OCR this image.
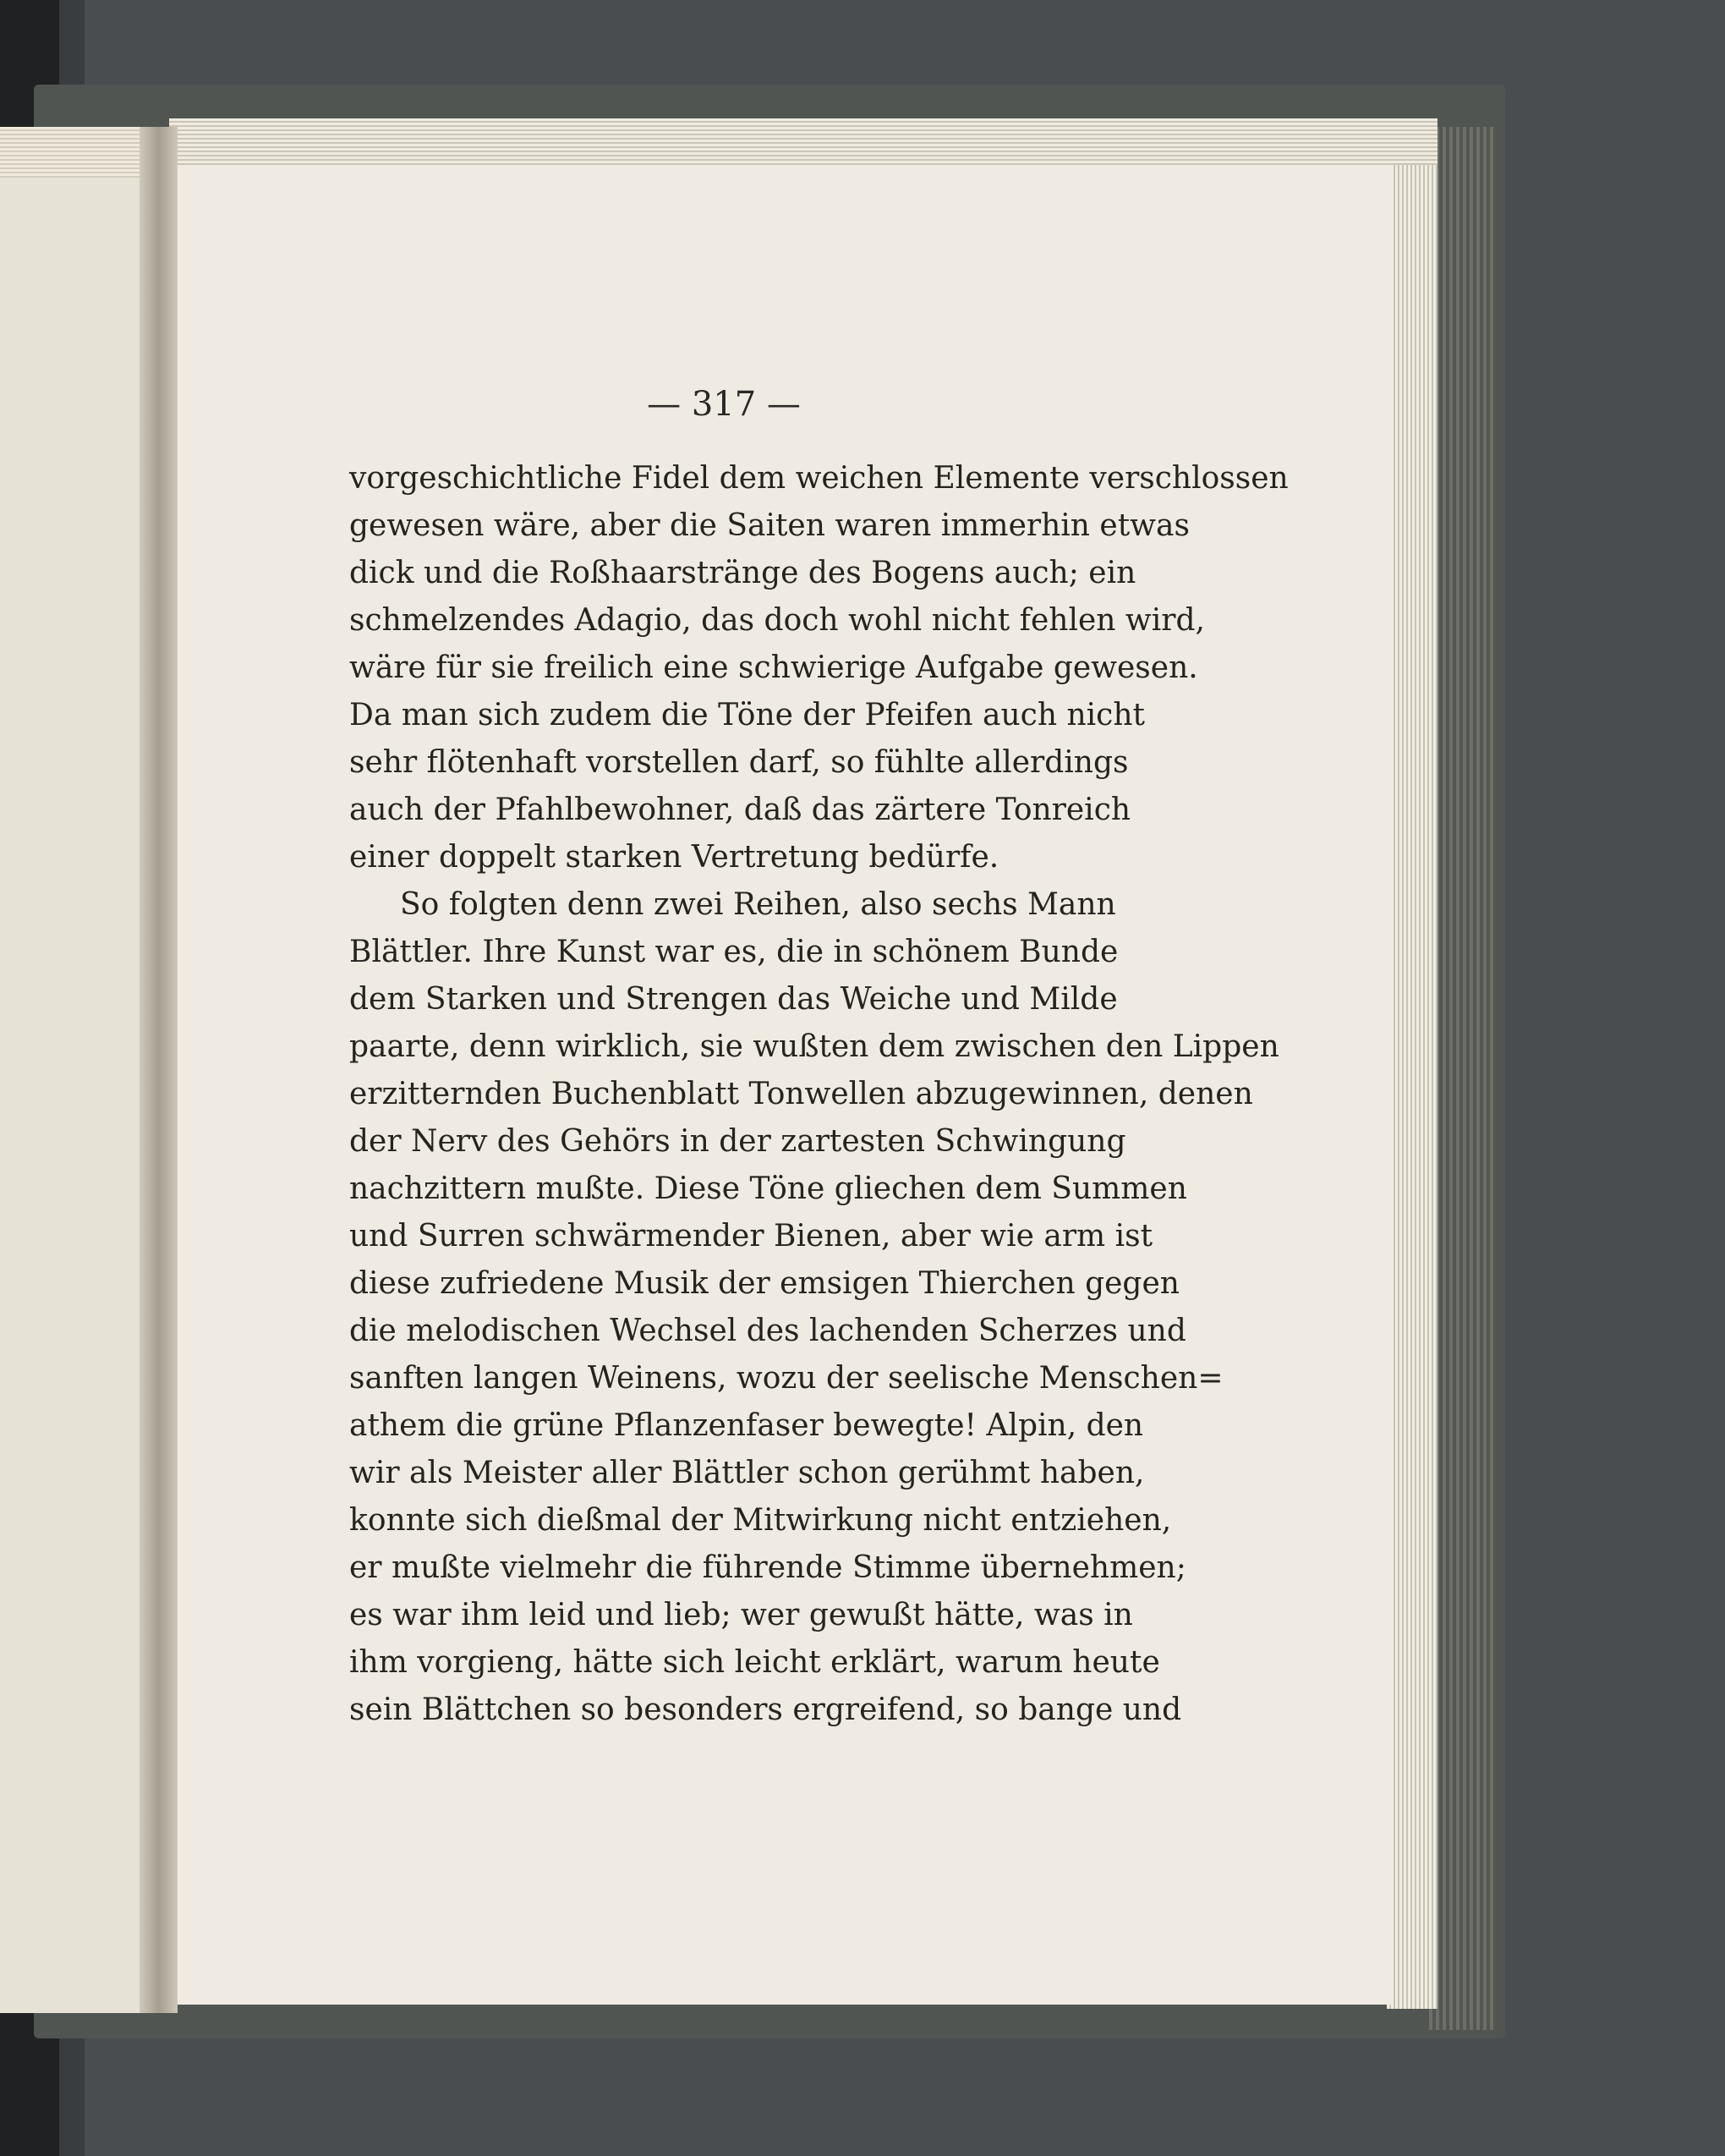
— 317 —

vorgeschichtliche Fidel dem weichen Elemente verschlossen

gewesen wäre, aber die Saiten waren immerhin etwas

dick und die Roßhaarstränge des Bogens auch; ein

schmelzendes Adagio, das doch wohl nicht fehlen wird,

wäre für sie freilich eine schwierige Aufgabe gewesen.

Da man sich zudem die Töne der Pfeifen auch nicht

sehr flötenhaft vorstellen darf, so fühlte allerdings

auch der Pfahlbewohner, daß das zärtere Tonreich

einer doppelt starken Vertretung bedürfe.

So folgten denn zwei Reihen, also sechs Mann

Blättler. Ihre Kunst war es, die in schönem Bunde

dem Starken und Strengen das Weiche und Milde

paarte, denn wirklich, sie wußten dem zwischen den Lippen

erzitternden Buchenblatt Tonwellen abzugewinnen, denen

der Nerv des Gehörs in der zartesten Schwingung

nachzittern mußte. Diese Töne gliechen dem Summen

und Surren schwärmender Bienen, aber wie arm ist

diese zufriedene Musik der emsigen Thierchen gegen

die melodischen Wechsel des lachenden Scherzes und

sanften langen Weinens, wozu der seelische Menschen=

athem die grüne Pflanzenfaser bewegte! Alpin, den

wir als Meister aller Blättler schon gerühmt haben,

konnte sich dießmal der Mitwirkung nicht entziehen,

er mußte vielmehr die führende Stimme übernehmen;

es war ihm leid und lieb; wer gewußt hätte, was in

ihm vorgieng, hätte sich leicht erklärt, warum heute

sein Blättchen so besonders ergreifend, so bange und
